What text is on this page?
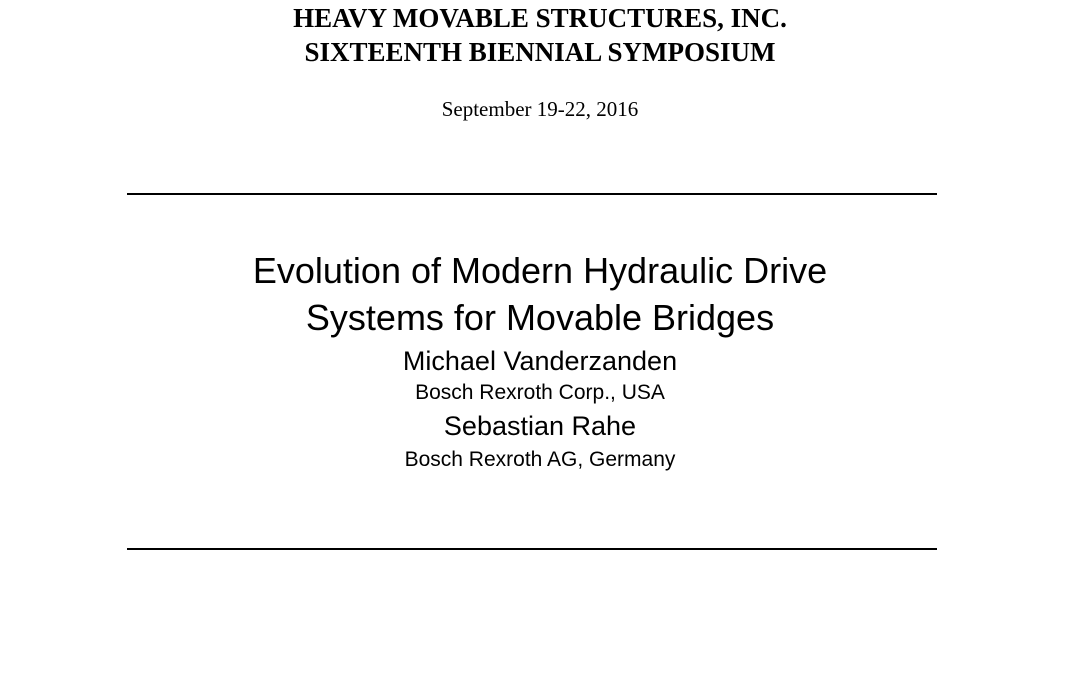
HEAVY MOVABLE STRUCTURES, INC.
SIXTEENTH BIENNIAL SYMPOSIUM
September 19-22, 2016
Evolution of Modern Hydraulic Drive
Systems for Movable Bridges
Michael Vanderzanden
Bosch Rexroth Corp., USA
Sebastian Rahe
Bosch Rexroth AG, Germany
